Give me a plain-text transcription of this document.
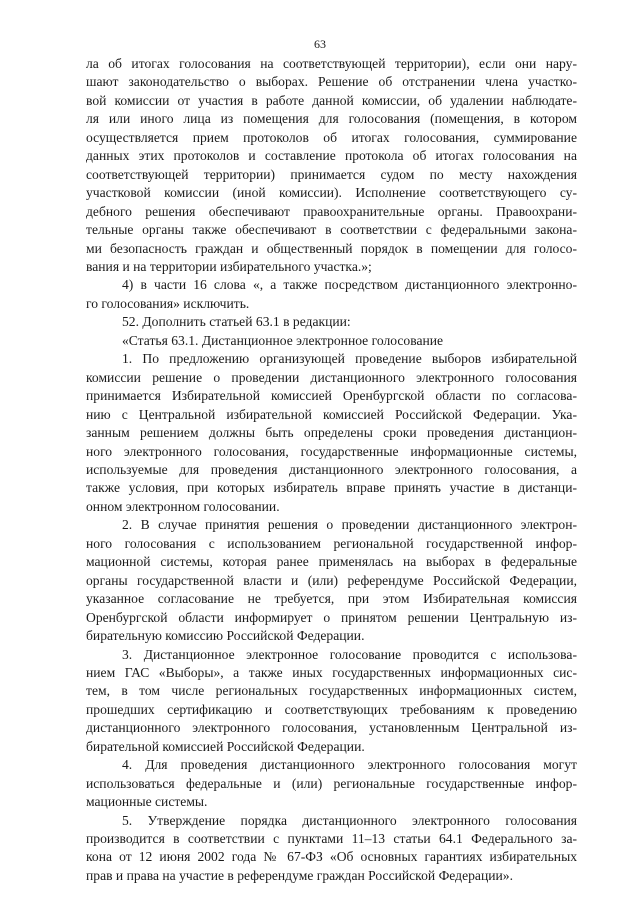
63
ла об итогах голосования на соответствующей территории), если они нару-
шают законодательство о выборах. Решение об отстранении члена участко-
вой комиссии от участия в работе данной комиссии, об удалении наблюдате-
ля или иного лица из помещения для голосования (помещения, в котором
осуществляется прием протоколов об итогах голосования, суммирование
данных этих протоколов и составление протокола об итогах голосования на
соответствующей территории) принимается судом по месту нахождения
участковой комиссии (иной комиссии). Исполнение соответствующего су-
дебного решения обеспечивают правоохранительные органы. Правоохрани-
тельные органы также обеспечивают в соответствии с федеральными закона-
ми безопасность граждан и общественный порядок в помещении для голосо-
вания и на территории избирательного участка.»;
4) в части 16 слова «, а также посредством дистанционного электронно-
го голосования» исключить.
52. Дополнить статьей 63.1 в редакции:
«Статья 63.1. Дистанционное электронное голосование
1. По предложению организующей проведение выборов избирательной
комиссии решение о проведении дистанционного электронного голосования
принимается Избирательной комиссией Оренбургской области по согласова-
нию с Центральной избирательной комиссией Российской Федерации. Ука-
занным решением должны быть определены сроки проведения дистанцион-
ного электронного голосования, государственные информационные системы,
используемые для проведения дистанционного электронного голосования, а
также условия, при которых избиратель вправе принять участие в дистанци-
онном электронном голосовании.
2. В случае принятия решения о проведении дистанционного электрон-
ного голосования с использованием региональной государственной инфор-
мационной системы, которая ранее применялась на выборах в федеральные
органы государственной власти и (или) референдуме Российской Федерации,
указанное согласование не требуется, при этом Избирательная комиссия
Оренбургской области информирует о принятом решении Центральную из-
бирательную комиссию Российской Федерации.
3. Дистанционное электронное голосование проводится с использова-
нием ГАС «Выборы», а также иных государственных информационных сис-
тем, в том числе региональных государственных информационных систем,
прошедших сертификацию и соответствующих требованиям к проведению
дистанционного электронного голосования, установленным Центральной из-
бирательной комиссией Российской Федерации.
4. Для проведения дистанционного электронного голосования могут
использоваться федеральные и (или) региональные государственные инфор-
мационные системы.
5. Утверждение порядка дистанционного электронного голосования
производится в соответствии с пунктами 11–13 статьи 64.1 Федерального за-
кона от 12 июня 2002 года № 67-ФЗ «Об основных гарантиях избирательных
прав и права на участие в референдуме граждан Российской Федерации».
